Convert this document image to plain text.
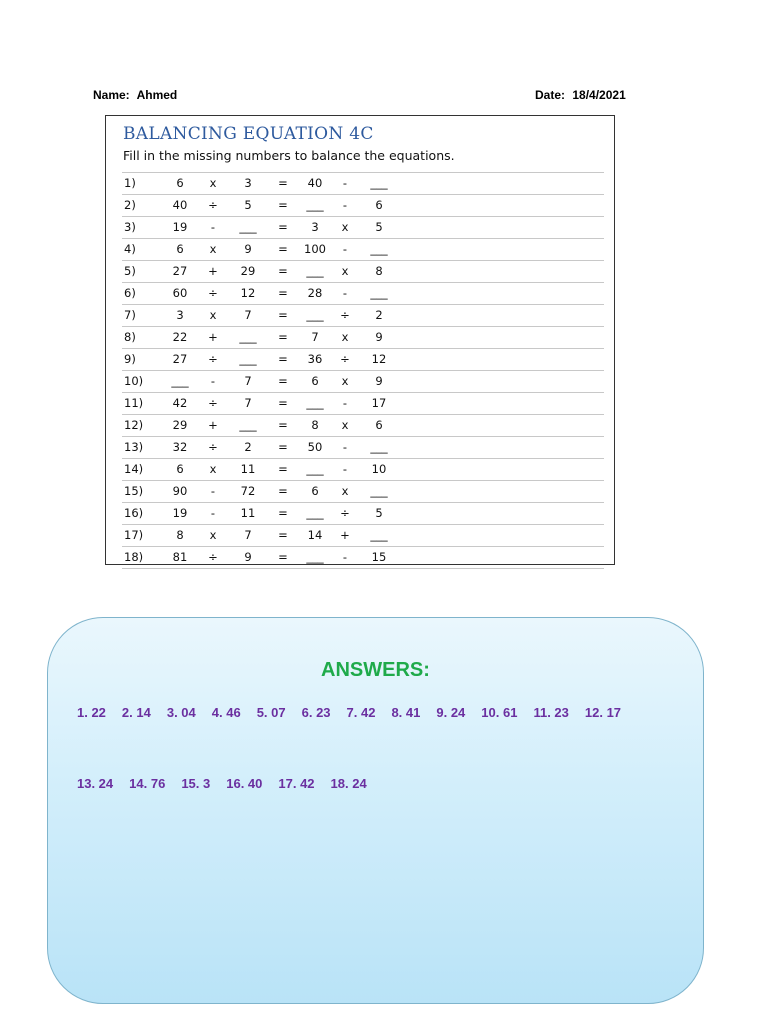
Name: Ahmed	Date: 18/4/2021
BALANCING EQUATION 4C
Fill in the missing numbers to balance the equations.
1)	6	x	3	=	40	-	___
2)	40	÷	5	=	___	-	6
3)	19	-	___	=	3	x	5
4)	6	x	9	=	100	-	___
5)	27	+	29	=	___	x	8
6)	60	÷	12	=	28	-	___
7)	3	x	7	=	___	÷	2
8)	22	+	___	=	7	x	9
9)	27	÷	___	=	36	÷	12
10)	___	-	7	=	6	x	9
11)	42	÷	7	=	___	-	17
12)	29	+	___	=	8	x	6
13)	32	÷	2	=	50	-	___
14)	6	x	11	=	___	-	10
15)	90	-	72	=	6	x	___
16)	19	-	11	=	___	÷	5
17)	8	x	7	=	14	+	___
18)	81	÷	9	=	___	-	15
ANSWERS:
1. 22 2. 14 3. 04 4. 46 5. 07 6. 23 7. 42 8. 41 9. 24 10. 61 11. 23 12. 17
13. 24 14. 76 15. 3 16. 40 17. 42 18. 24
